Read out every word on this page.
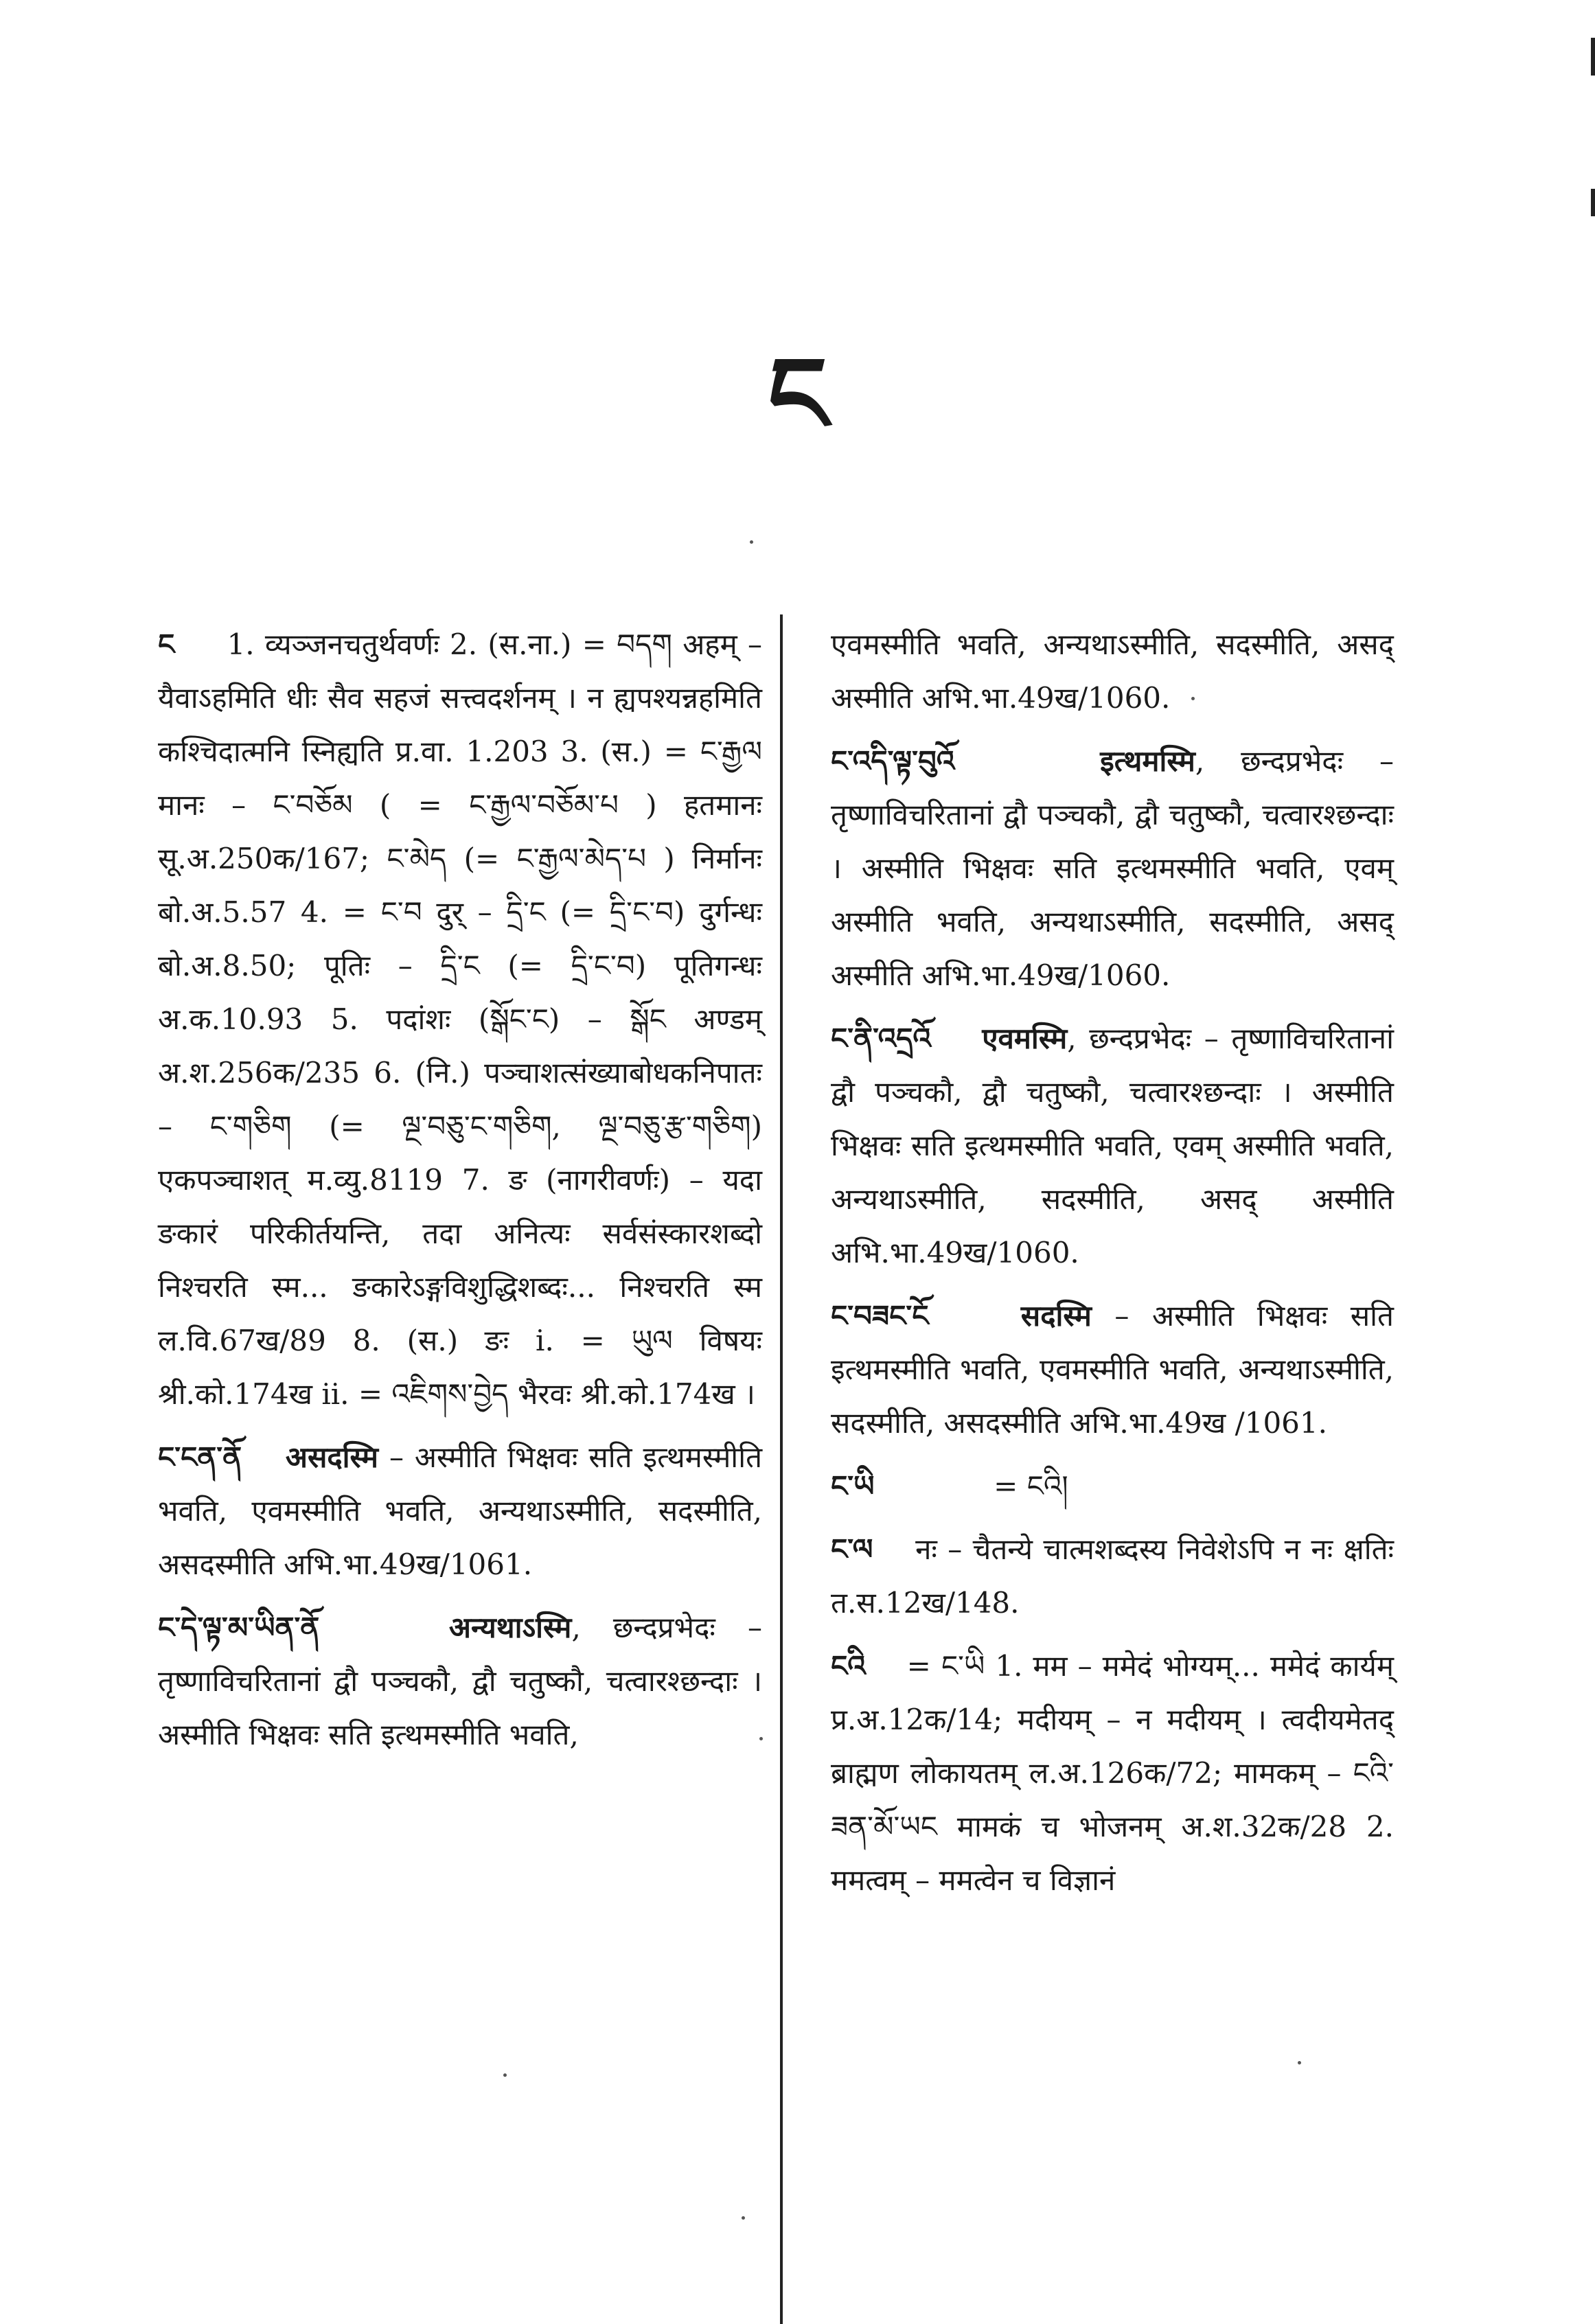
ང

ང 1. व्यञ्जनचतुर्थवर्णः 2. (स.ना.) = བདག अहम् – यैवाऽहमिति धीः सैव सहजं सत्त्वदर्शनम् । न ह्यपश्यन्नहमिति कश्चिदात्मनि स्निह्यति प्र.वा. 1.203 3. (स.) = ང་རྒྱལ मानः – ང་བཅོམ ( = ང་རྒྱལ་བཅོམ་པ ) हतमानः सू.अ.250क/167; ང་མེད (= ང་རྒྱལ་མེད་པ ) निर्मानः बो.अ.5.57 4. = ང་བ दुर् – དྲི་ང (= དྲི་ང་བ) दुर्गन्धः बो.अ.8.50; पूतिः – དྲི་ང (= དྲི་ང་བ) पूतिगन्धः अ.क.10.93 5. पदांशः (སྒོང་ང) – སྒོང अण्डम् अ.श.256क/235 6. (नि.) पञ्चाशत्संख्याबोधकनिपातः – ང་གཅིག (= ལྔ་བཅུ་ང་གཅིག, ལྔ་བཅུ་རྩ་གཅིག) एकपञ्चाशत् म.व्यु.8119 7. ङ (नागरीवर्णः) – यदा ङकारं परिकीर्तयन्ति, तदा अनित्यः सर्वसंस्कारशब्दो निश्चरति स्म... ङकारेऽङ्गविशुद्धिशब्दः... निश्चरति स्म ल.वि.67ख/89 8. (स.) ङः i. = ཡུལ विषयः श्री.को.174ख ii. = འཇིགས་བྱེད भैरवः श्री.को.174ख ।

ང་ངན་ནོ असदस्मि – अस्मीति भिक्षवः सति इत्थमस्मीति भवति, एवमस्मीति भवति, अन्यथाऽस्मीति, सदस्मीति, असदस्मीति अभि.भा.49ख/1061.

ང་དེ་ལྟ་མ་ཡིན་ནོ	अन्यथाऽस्मि, छन्दप्रभेदः – तृष्णाविचरितानां द्वौ पञ्चकौ, द्वौ चतुष्कौ, चत्वारश्छन्दाः । अस्मीति भिक्षवः सति इत्थमस्मीति भवति,

एवमस्मीति भवति, अन्यथाऽस्मीति, सदस्मीति, असद् अस्मीति अभि.भा.49ख/1060.

ང་འདི་ལྟ་བུའོ	इत्थमस्मि, छन्दप्रभेदः – तृष्णाविचरितानां द्वौ पञ्चकौ, द्वौ चतुष्कौ, चत्वारश्छन्दाः । अस्मीति भिक्षवः सति इत्थमस्मीति भवति, एवम् अस्मीति भवति, अन्यथाऽस्मीति, सदस्मीति, असद् अस्मीति अभि.भा.49ख/1060.

ང་ནི་འདྲའོ एवमस्मि, छन्दप्रभेदः – तृष्णाविचरितानां द्वौ पञ्चकौ, द्वौ चतुष्कौ, चत्वारश्छन्दाः । अस्मीति भिक्षवः सति इत्थमस्मीति भवति, एवम् अस्मीति भवति, अन्यथाऽस्मीति, सदस्मीति, असद् अस्मीति अभि.भा.49ख/1060.

ང་བཟང་ངོ	सदस्मि – अस्मीति भिक्षवः सति इत्थमस्मीति भवति, एवमस्मीति भवति, अन्यथाऽस्मीति, सदस्मीति, असदस्मीति अभि.भा.49ख /1061.

ང་ཡི	= ངའི།

ང་ལ नः – चैतन्ये चात्मशब्दस्य निवेशेऽपि न नः क्षतिः त.स.12ख/148.

ངའི = ང་ཡི 1. मम – ममेदं भोग्यम्... ममेदं कार्यम् प्र.अ.12क/14; मदीयम् – न मदीयम् । त्वदीयमेतद् ब्राह्मण लोकायतम् ल.अ.126क/72; मामकम् – ངའི་ཟན་མོ་ཡང मामकं च भोजनम् अ.श.32क/28 2. ममत्वम् – ममत्वेन च विज्ञानं
